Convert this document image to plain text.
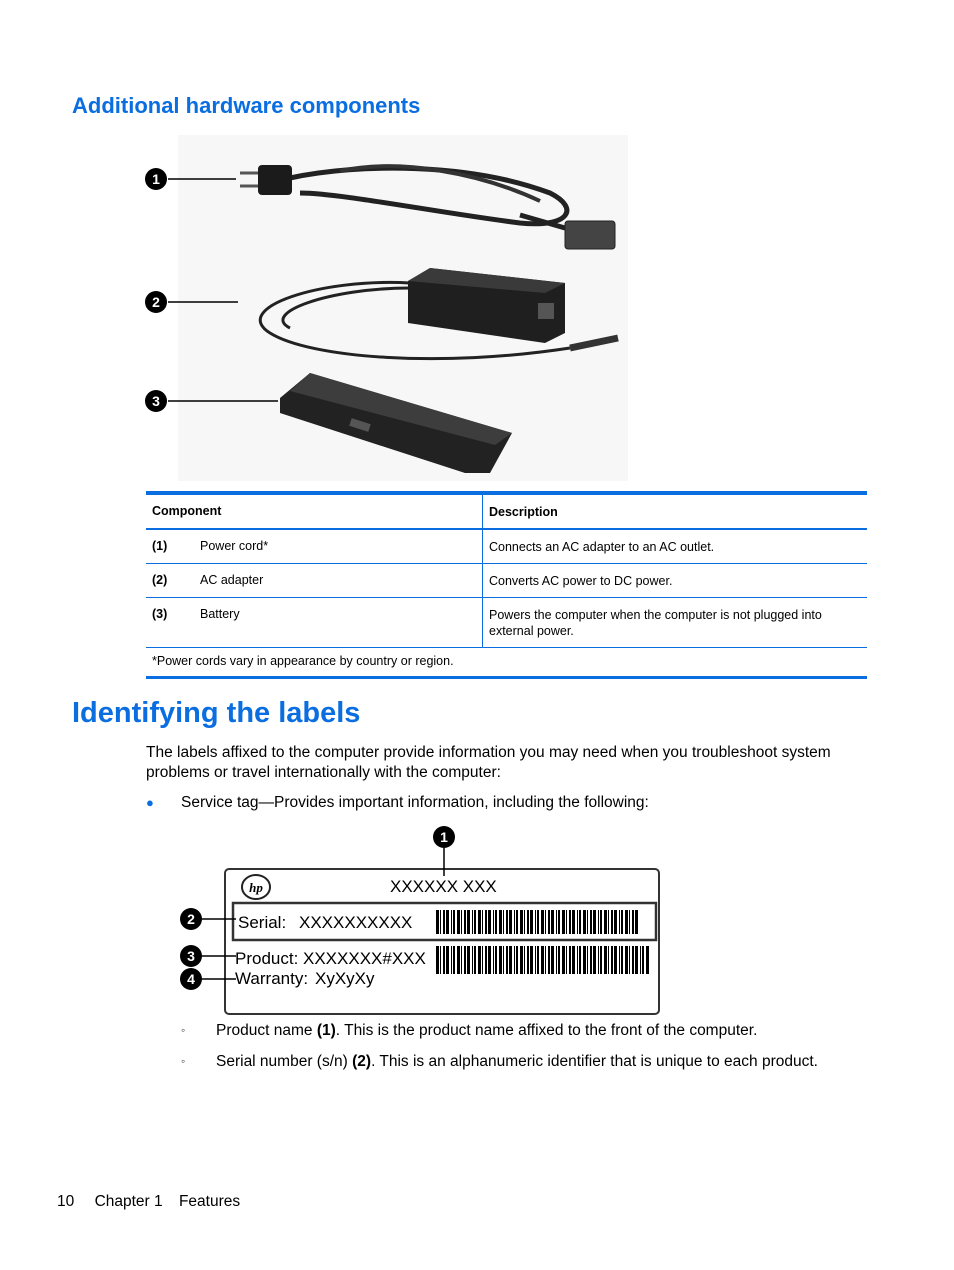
Additional hardware components
1
2
3
Component	Description
(1)	Power cord*	Connects an AC adapter to an AC outlet.
(2)	AC adapter	Converts AC power to DC power.
(3)	Battery	Powers the computer when the computer is not plugged into external power.
*Power cords vary in appearance by country or region.
Identifying the labels

The labels affixed to the computer provide information you may need when you troubleshoot system problems or travel internationally with the computer:

●	Service tag—Provides important information, including the following:
hp	XXXXXX XXX
Serial: XXXXXXXXXX
Product: XXXXXXX#XXX
Warranty: XyXyXy
1
2
3
4
◦	Product name (1). This is the product name affixed to the front of the computer.
◦	Serial number (s/n) (2). This is an alphanumeric identifier that is unique to each product.
10 Chapter 1 Features
